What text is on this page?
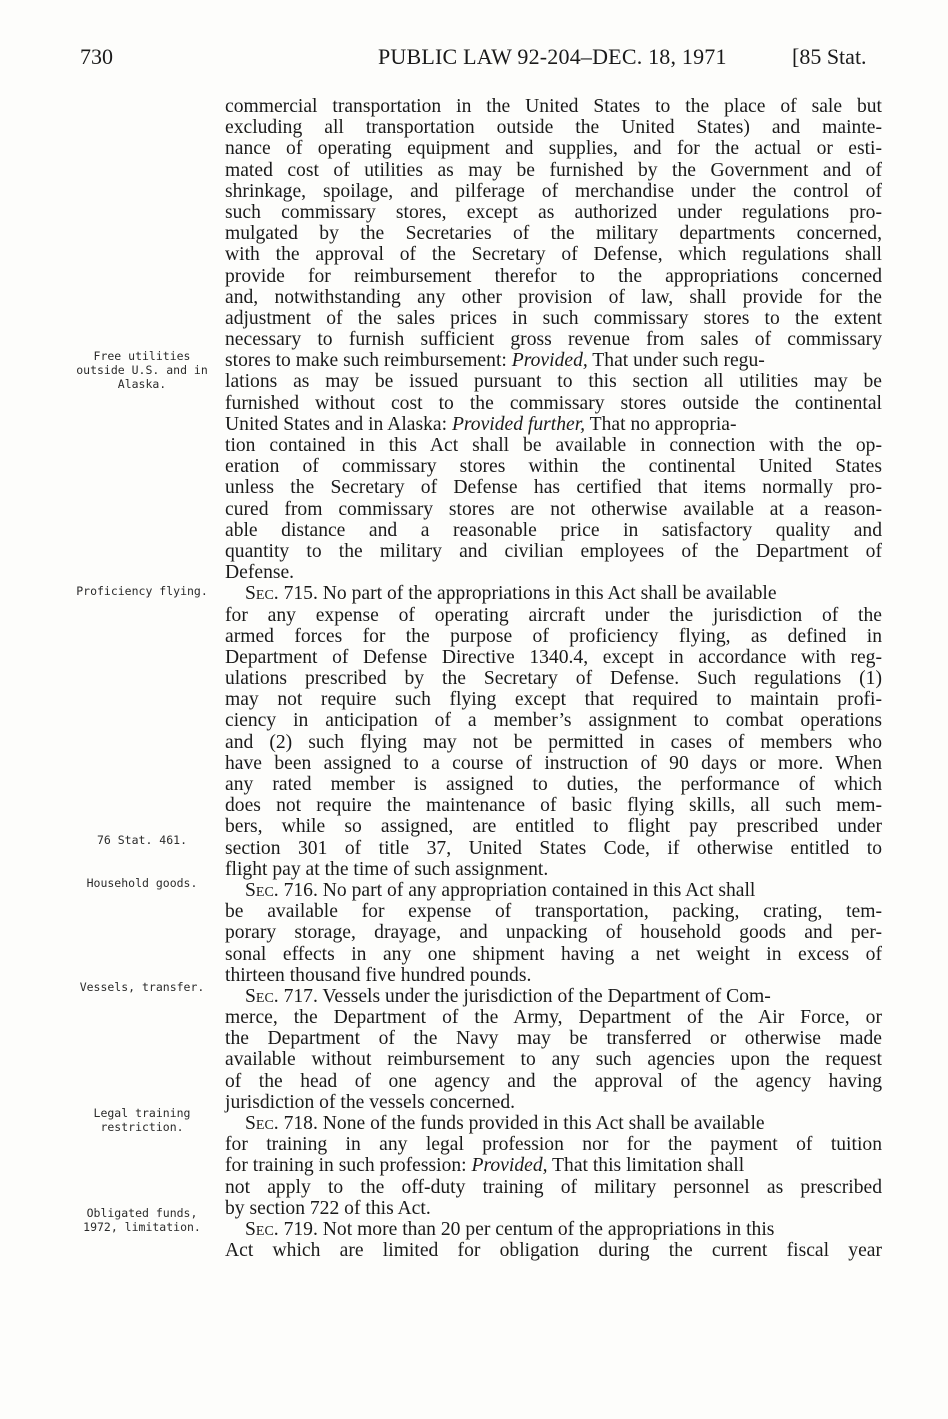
730	PUBLIC LAW 92-204–DEC. 18, 1971	[85 Stat.
Free utilities outside U.S. and in Alaska.
Proficiency flying.
76 Stat. 461.
Household goods.
Vessels, transfer.
Legal training restriction.
Obligated funds, 1972, limitation.
commercial transportation in the United States to the place of sale but
excluding all transportation outside the United States) and mainte-
nance of operating equipment and supplies, and for the actual or esti-
mated cost of utilities as may be furnished by the Government and of
shrinkage, spoilage, and pilferage of merchandise under the control of
such commissary stores, except as authorized under regulations pro-
mulgated by the Secretaries of the military departments concerned,
with the approval of the Secretary of Defense, which regulations shall
provide for reimbursement therefor to the appropriations concerned
and, notwithstanding any other provision of law, shall provide for the
adjustment of the sales prices in such commissary stores to the extent
necessary to furnish sufficient gross revenue from sales of commissary
stores to make such reimbursement: Provided, That under such regu-
lations as may be issued pursuant to this section all utilities may be
furnished without cost to the commissary stores outside the continental
United States and in Alaska: Provided further, That no appropria-
tion contained in this Act shall be available in connection with the op-
eration of commissary stores within the continental United States
unless the Secretary of Defense has certified that items normally pro-
cured from commissary stores are not otherwise available at a reason-
able distance and a reasonable price in satisfactory quality and
quantity to the military and civilian employees of the Department of
Defense.
Sec. 715. No part of the appropriations in this Act shall be available
for any expense of operating aircraft under the jurisdiction of the
armed forces for the purpose of proficiency flying, as defined in
Department of Defense Directive 1340.4, except in accordance with reg-
ulations prescribed by the Secretary of Defense. Such regulations (1)
may not require such flying except that required to maintain profi-
ciency in anticipation of a member’s assignment to combat operations
and (2) such flying may not be permitted in cases of members who
have been assigned to a course of instruction of 90 days or more. When
any rated member is assigned to duties, the performance of which
does not require the maintenance of basic flying skills, all such mem-
bers, while so assigned, are entitled to flight pay prescribed under
section 301 of title 37, United States Code, if otherwise entitled to
flight pay at the time of such assignment.
Sec. 716. No part of any appropriation contained in this Act shall
be available for expense of transportation, packing, crating, tem-
porary storage, drayage, and unpacking of household goods and per-
sonal effects in any one shipment having a net weight in excess of
thirteen thousand five hundred pounds.
Sec. 717. Vessels under the jurisdiction of the Department of Com-
merce, the Department of the Army, Department of the Air Force, or
the Department of the Navy may be transferred or otherwise made
available without reimbursement to any such agencies upon the request
of the head of one agency and the approval of the agency having
jurisdiction of the vessels concerned.
Sec. 718. None of the funds provided in this Act shall be available
for training in any legal profession nor for the payment of tuition
for training in such profession: Provided, That this limitation shall
not apply to the off-duty training of military personnel as prescribed
by section 722 of this Act.
Sec. 719. Not more than 20 per centum of the appropriations in this
Act which are limited for obligation during the current fiscal year
